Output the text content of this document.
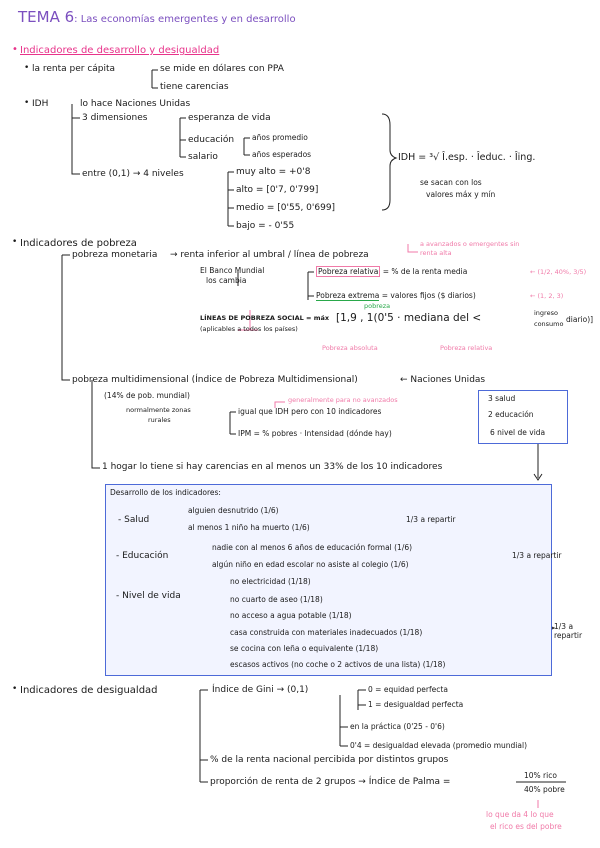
TEMA 6: Las economías emergentes y en desarrollo
Indicadores de desarrollo y desigualdad
la renta per cápita	se mide en dólares con PPA
tiene carencias
IDH	lo hace Naciones Unidas
3 dimensiones	esperanza de vida
educación años promedio
años esperados
salario
entre (0,1) → 4 niveles	muy alto = +0'8
alto = [0'7, 0'799]
medio = [0'55, 0'699]
bajo = - 0'55
IDH = ³√ Î.esp. · Îeduc. · Îing.
se sacan con los
valores máx y mín
Indicadores de pobreza	a avanzados o emergentes sin
renta alta
pobreza monetaria → renta inferior al umbral / línea de pobreza
El Banco Mundial
los cambia
Pobreza relativa = % de la renta media	← (1/2, 40%, 3/5)
Pobreza extrema = valores fijos ($ diarios)	← (1, 2, 3)
pobreza
LÍNEAS DE POBREZA SOCIAL = máx
(aplicables a todos los países)
[1,9 , 1(0'5 · mediana del <	ingreso
consumo diario)]
Pobreza absoluta	Pobreza relativa
pobreza multidimensional (Índice de Pobreza Multidimensional)	← Naciones Unidas
(14% de pob. mundial)	generalmente para no avanzados
normalmente zonas
rurales
igual que IDH pero con 10 indicadores
IPM = % pobres · Intensidad (dónde hay)
3 salud
2 educación
6 nivel de vida
1 hogar lo tiene si hay carencias en al menos un 33% de los 10 indicadores
Desarrollo de los indicadores:
- Salud
alguien desnutrido (1/6)
al menos 1 niño ha muerto (1/6)
1/3 a repartir
- Educación
nadie con al menos 6 años de educación formal (1/6)
algún niño en edad escolar no asiste al colegio (1/6)
1/3 a repartir
- Nivel de vida
no electricidad (1/18)
no cuarto de aseo (1/18)
no acceso a agua potable (1/18)
casa construida con materiales inadecuados (1/18)
se cocina con leña o equivalente (1/18)
escasos activos (no coche o 2 activos de una lista) (1/18)
1/3 a repartir
Indicadores de desigualdad	Índice de Gini → (0,1)	0 = equidad perfecta
1 = desigualdad perfecta
en la práctica (0'25 - 0'6)
0'4 = desigualdad elevada (promedio mundial)
% de la renta nacional percibida por distintos grupos
proporción de renta de 2 grupos → Índice de Palma =
10% rico
40% pobre
lo que da 4 lo que
el rico es del pobre
•
•
•
•
•
